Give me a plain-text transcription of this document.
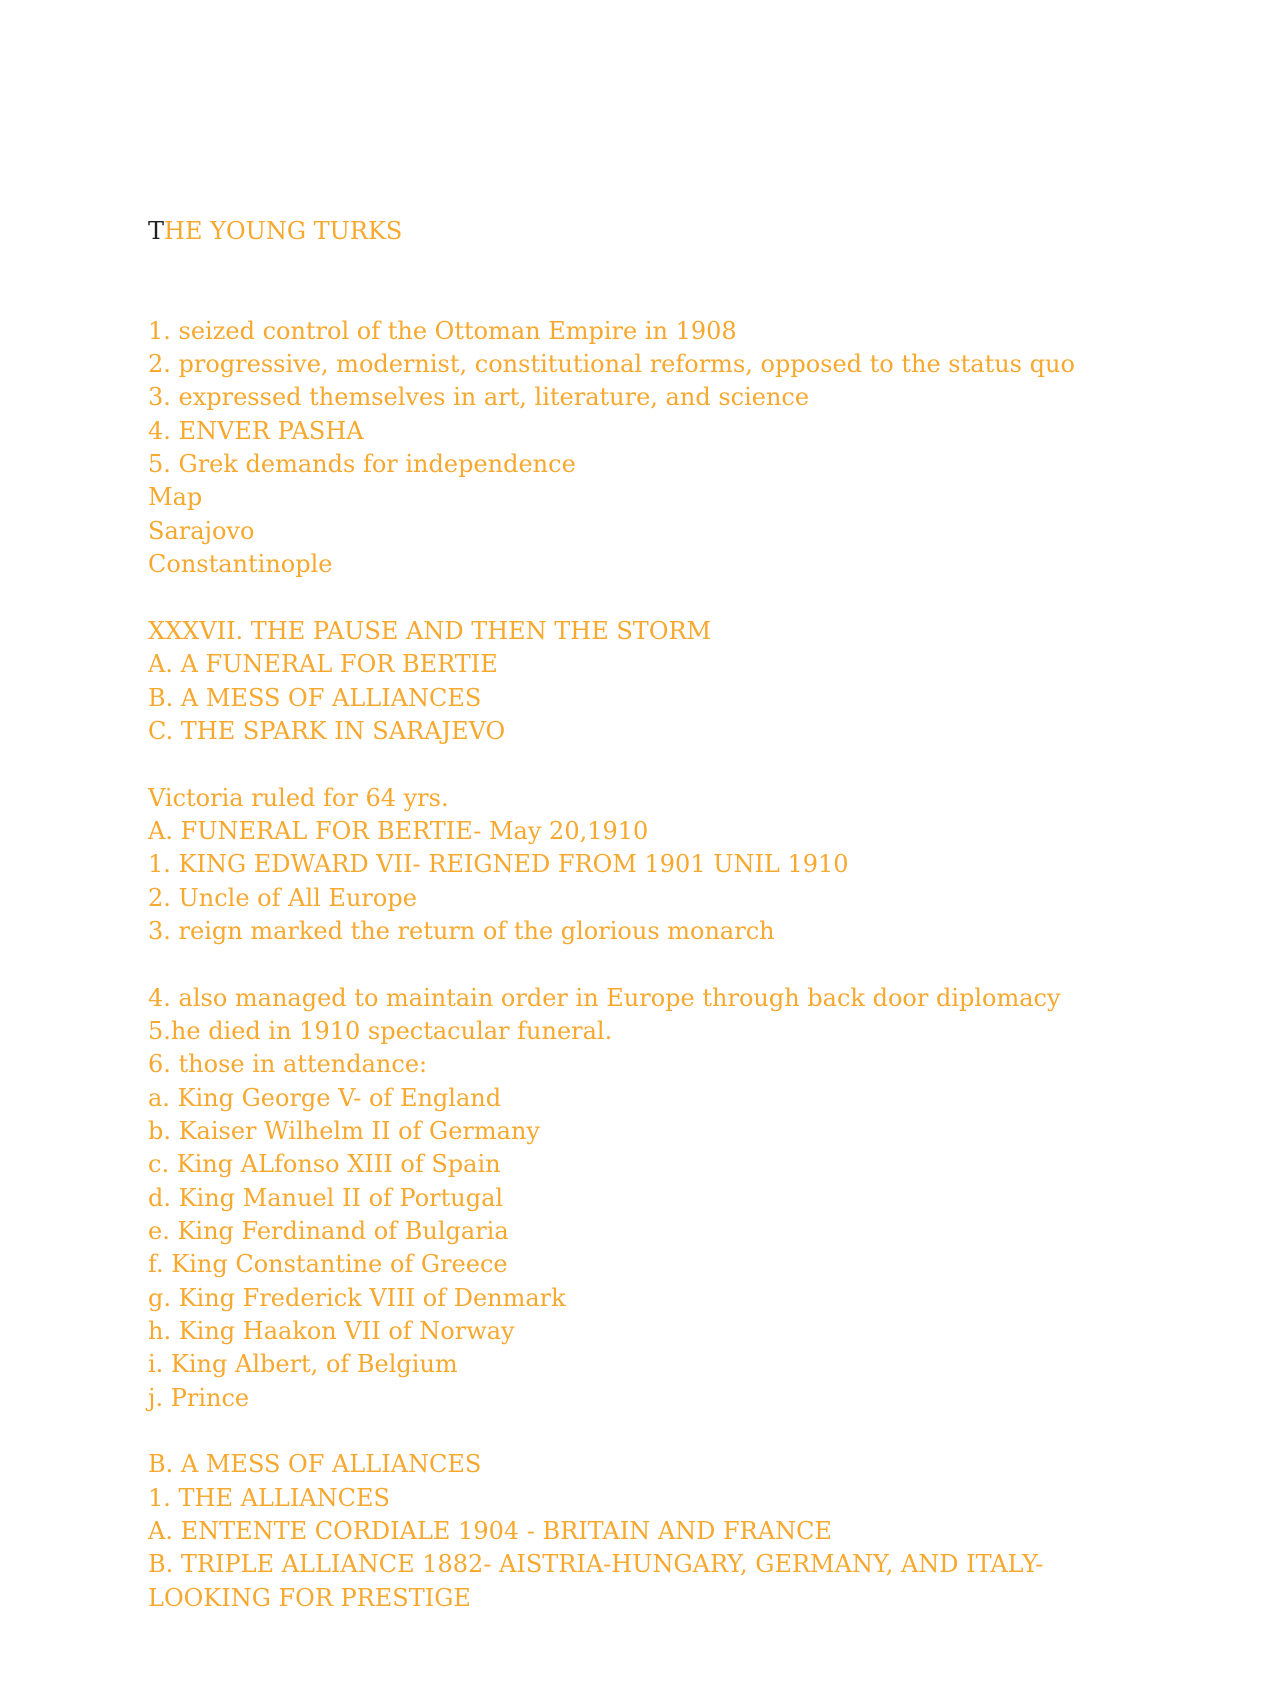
THE YOUNG TURKS

1. seized control of the Ottoman Empire in 1908
2. progressive, modernist, constitutional reforms, opposed to the status quo
3. expressed themselves in art, literature, and science
4. ENVER PASHA
5. Grek demands for independence
Map
Sarajovo
Constantinople
XXXVII. THE PAUSE AND THEN THE STORM
A. A FUNERAL FOR BERTIE
B. A MESS OF ALLIANCES
C. THE SPARK IN SARAJEVO
Victoria ruled for 64 yrs.
A. FUNERAL FOR BERTIE- May 20,1910
1. KING EDWARD VII- REIGNED FROM 1901 UNIL 1910
2. Uncle of All Europe
3. reign marked the return of the glorious monarch
4. also managed to maintain order in Europe through back door diplomacy
5.he died in 1910 spectacular funeral.
6. those in attendance:
a. King George V- of England
b. Kaiser Wilhelm II of Germany
c. King ALfonso XIII of Spain
d. King Manuel II of Portugal
e. King Ferdinand of Bulgaria
f. King Constantine of Greece
g. King Frederick VIII of Denmark
h. King Haakon VII of Norway
i. King Albert, of Belgium
j. Prince
B. A MESS OF ALLIANCES
1. THE ALLIANCES
A. ENTENTE CORDIALE 1904 - BRITAIN AND FRANCE
B. TRIPLE ALLIANCE 1882- AISTRIA-HUNGARY, GERMANY, AND ITALY-
LOOKING FOR PRESTIGE
